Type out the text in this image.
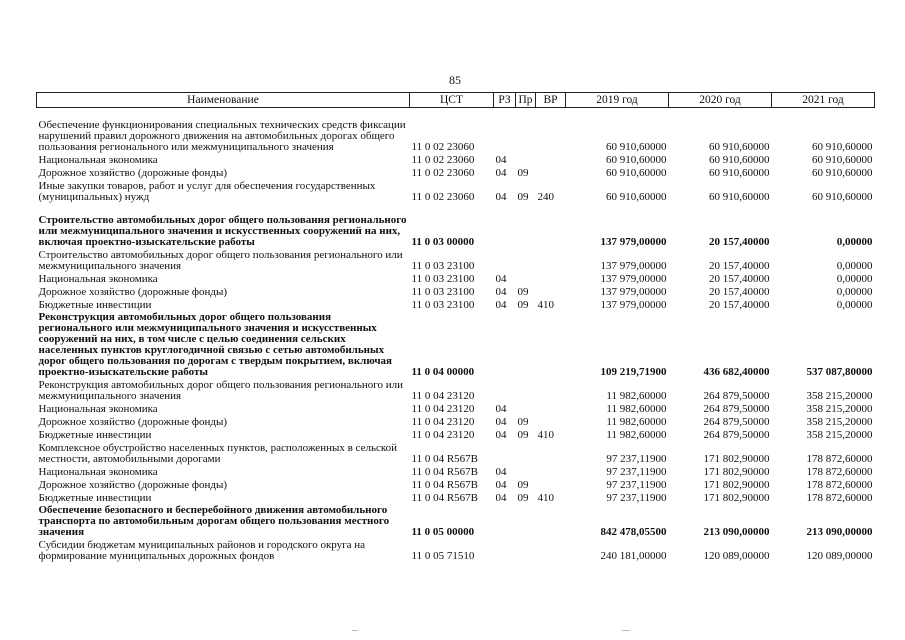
85
Наименование	ЦСТ	РЗ	Пр	ВР	2019 год	2020 год	2021 год
Обеспечение функционирования специальных технических средств фиксации нарушений правил дорожного движения на автомобильных дорогах общего пользования регионального или межмуниципального значения	11 0 02 23060				60 910,60000	60 910,60000	60 910,60000
Национальная экономика	11 0 02 23060	04			60 910,60000	60 910,60000	60 910,60000
Дорожное хозяйство (дорожные фонды)	11 0 02 23060	04	09		60 910,60000	60 910,60000	60 910,60000
Иные закупки товаров, работ и услуг для обеспечения государственных (муниципальных) нужд	11 0 02 23060	04	09	240	60 910,60000	60 910,60000	60 910,60000
Строительство автомобильных дорог общего пользования регионального или межмуниципального значения и искусственных сооружений на них, включая проектно-изыскательские работы	11 0 03 00000				137 979,00000	20 157,40000	0,00000
Строительство автомобильных дорог общего пользования регионального или межмуниципального значения	11 0 03 23100				137 979,00000	20 157,40000	0,00000
Национальная экономика	11 0 03 23100	04			137 979,00000	20 157,40000	0,00000
Дорожное хозяйство (дорожные фонды)	11 0 03 23100	04	09		137 979,00000	20 157,40000	0,00000
Бюджетные инвестиции	11 0 03 23100	04	09	410	137 979,00000	20 157,40000	0,00000
Реконструкция автомобильных дорог общего пользования регионального или межмуниципального значения и искусственных сооружений на них, в том числе с целью соединения сельских населенных пунктов круглогодичной связью с сетью автомобильных дорог общего пользования по дорогам с твердым покрытием, включая проектно-изыскательские работы	11 0 04 00000				109 219,71900	436 682,40000	537 087,80000
Реконструкция автомобильных дорог общего пользования регионального или межмуниципального значения	11 0 04 23120				11 982,60000	264 879,50000	358 215,20000
Национальная экономика	11 0 04 23120	04			11 982,60000	264 879,50000	358 215,20000
Дорожное хозяйство (дорожные фонды)	11 0 04 23120	04	09		11 982,60000	264 879,50000	358 215,20000
Бюджетные инвестиции	11 0 04 23120	04	09	410	11 982,60000	264 879,50000	358 215,20000
Комплексное обустройство населенных пунктов, расположенных в сельской местности, автомобильными дорогами	11 0 04 R567B				97 237,11900	171 802,90000	178 872,60000
Национальная экономика	11 0 04 R567B	04			97 237,11900	171 802,90000	178 872,60000
Дорожное хозяйство (дорожные фонды)	11 0 04 R567B	04	09		97 237,11900	171 802,90000	178 872,60000
Бюджетные инвестиции	11 0 04 R567B	04	09	410	97 237,11900	171 802,90000	178 872,60000
Обеспечение безопасного и бесперебойного движения автомобильного транспорта по автомобильным дорогам общего пользования местного значения	11 0 05 00000				842 478,05500	213 090,00000	213 090,00000
Субсидии бюджетам муниципальных районов и городского округа на формирование муниципальных дорожных фондов	11 0 05 71510				240 181,00000	120 089,00000	120 089,00000
